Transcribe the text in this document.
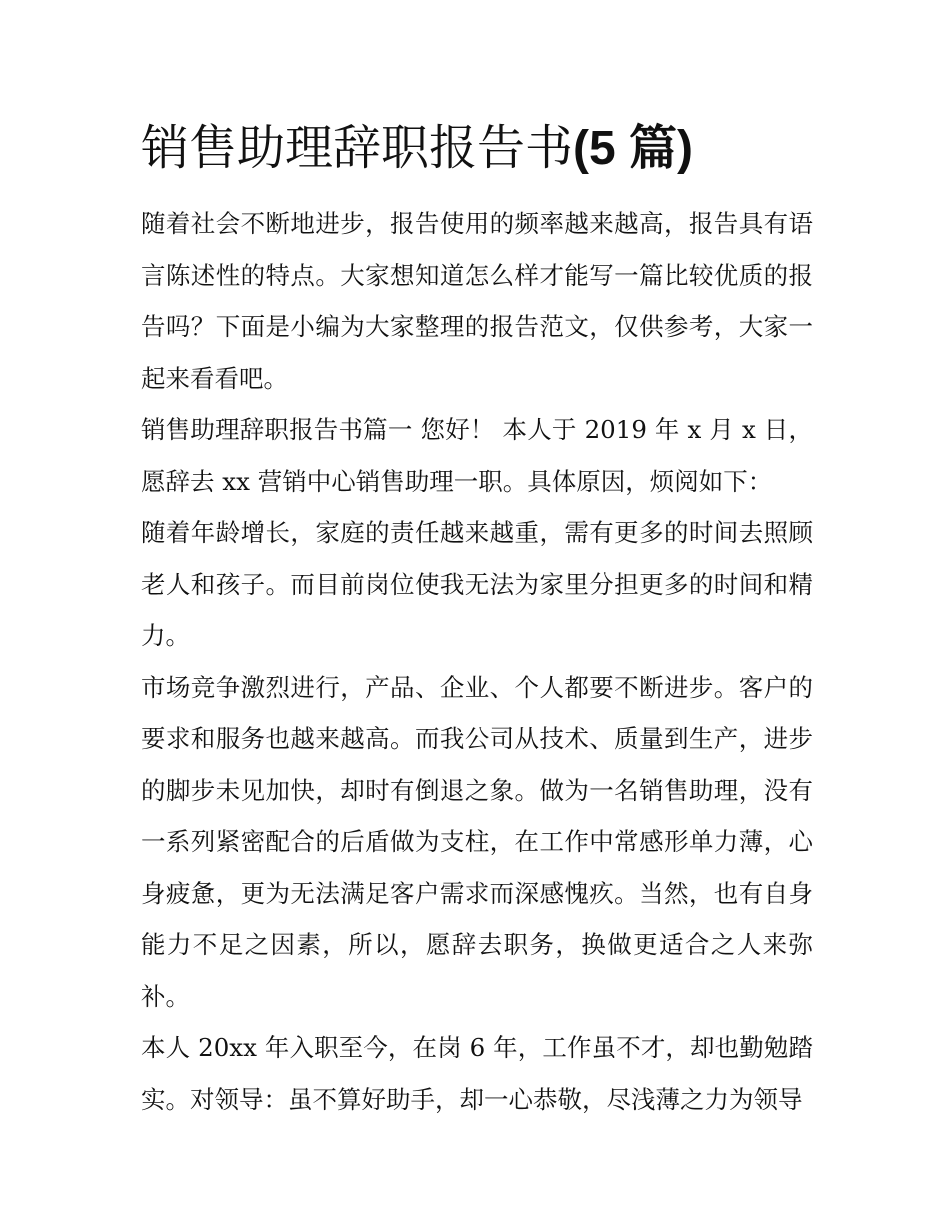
销售助理辞职报告书(5 篇)

随着社会不断地进步，报告使用的频率越来越高，报告具有语言陈述性的特点。大家想知道怎么样才能写一篇比较优质的报告吗？下面是小编为大家整理的报告范文，仅供参考，大家一起来看看吧。

销售助理辞职报告书篇一 您好！ 本人于 2019 年 x 月 x 日，愿辞去 xx 营销中心销售助理一职。具体原因，烦阅如下：

随着年龄增长，家庭的责任越来越重，需有更多的时间去照顾老人和孩子。而目前岗位使我无法为家里分担更多的时间和精力。

市场竞争激烈进行，产品、企业、个人都要不断进步。客户的要求和服务也越来越高。而我公司从技术、质量到生产，进步的脚步未见加快，却时有倒退之象。做为一名销售助理，没有一系列紧密配合的后盾做为支柱，在工作中常感形单力薄，心身疲惫，更为无法满足客户需求而深感愧疚。当然，也有自身能力不足之因素，所以，愿辞去职务，换做更适合之人来弥补。

本人 20xx 年入职至今，在岗 6 年，工作虽不才，却也勤勉踏实。对领导：虽不算好助手，却一心恭敬，尽浅薄之力为领导
